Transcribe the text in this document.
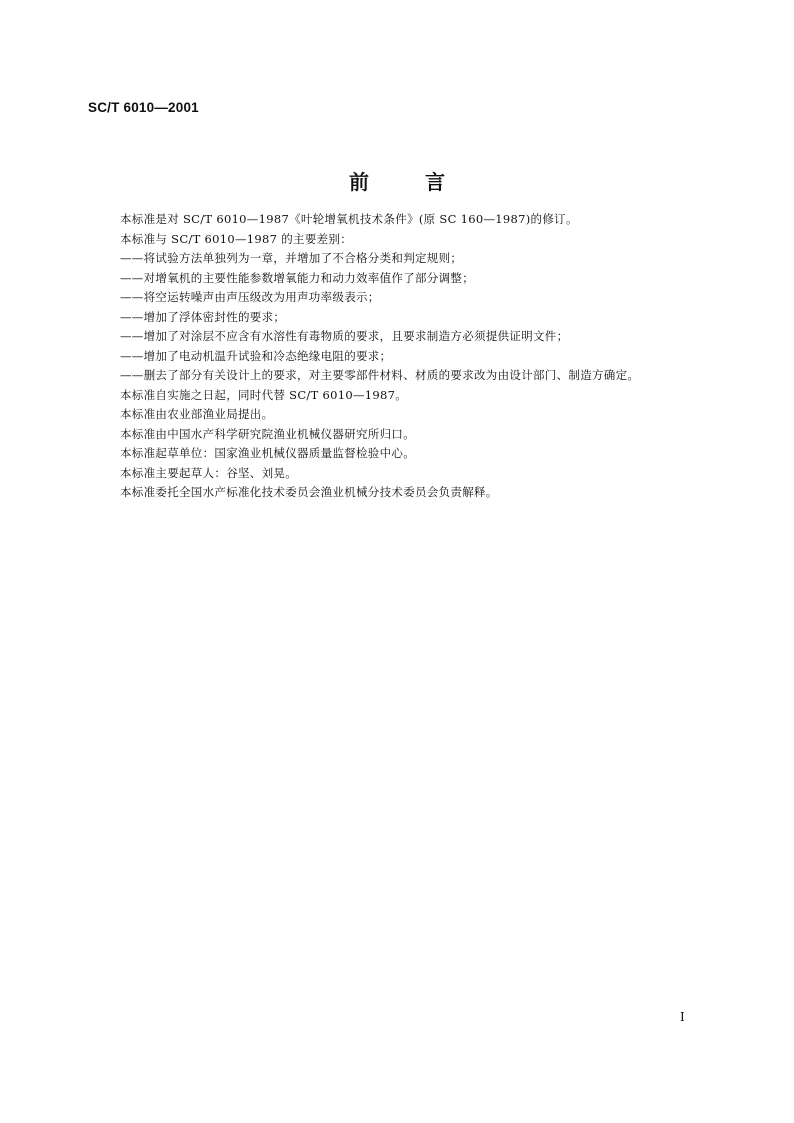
SC/T 6010—2001
前言
本标准是对 SC/T 6010—1987《叶轮增氧机技术条件》(原 SC 160—1987)的修订。
本标准与 SC/T 6010—1987 的主要差别：
——将试验方法单独列为一章，并增加了不合格分类和判定规则；
——对增氧机的主要性能参数增氧能力和动力效率值作了部分调整；
——将空运转噪声由声压级改为用声功率级表示；
——增加了浮体密封性的要求；
——增加了对涂层不应含有水溶性有毒物质的要求，且要求制造方必须提供证明文件；
——增加了电动机温升试验和冷态绝缘电阻的要求；
——删去了部分有关设计上的要求，对主要零部件材料、材质的要求改为由设计部门、制造方确定。
本标准自实施之日起，同时代替 SC/T 6010—1987。
本标准由农业部渔业局提出。
本标准由中国水产科学研究院渔业机械仪器研究所归口。
本标准起草单位：国家渔业机械仪器质量监督检验中心。
本标准主要起草人：谷坚、刘晃。
本标准委托全国水产标准化技术委员会渔业机械分技术委员会负责解释。
I
